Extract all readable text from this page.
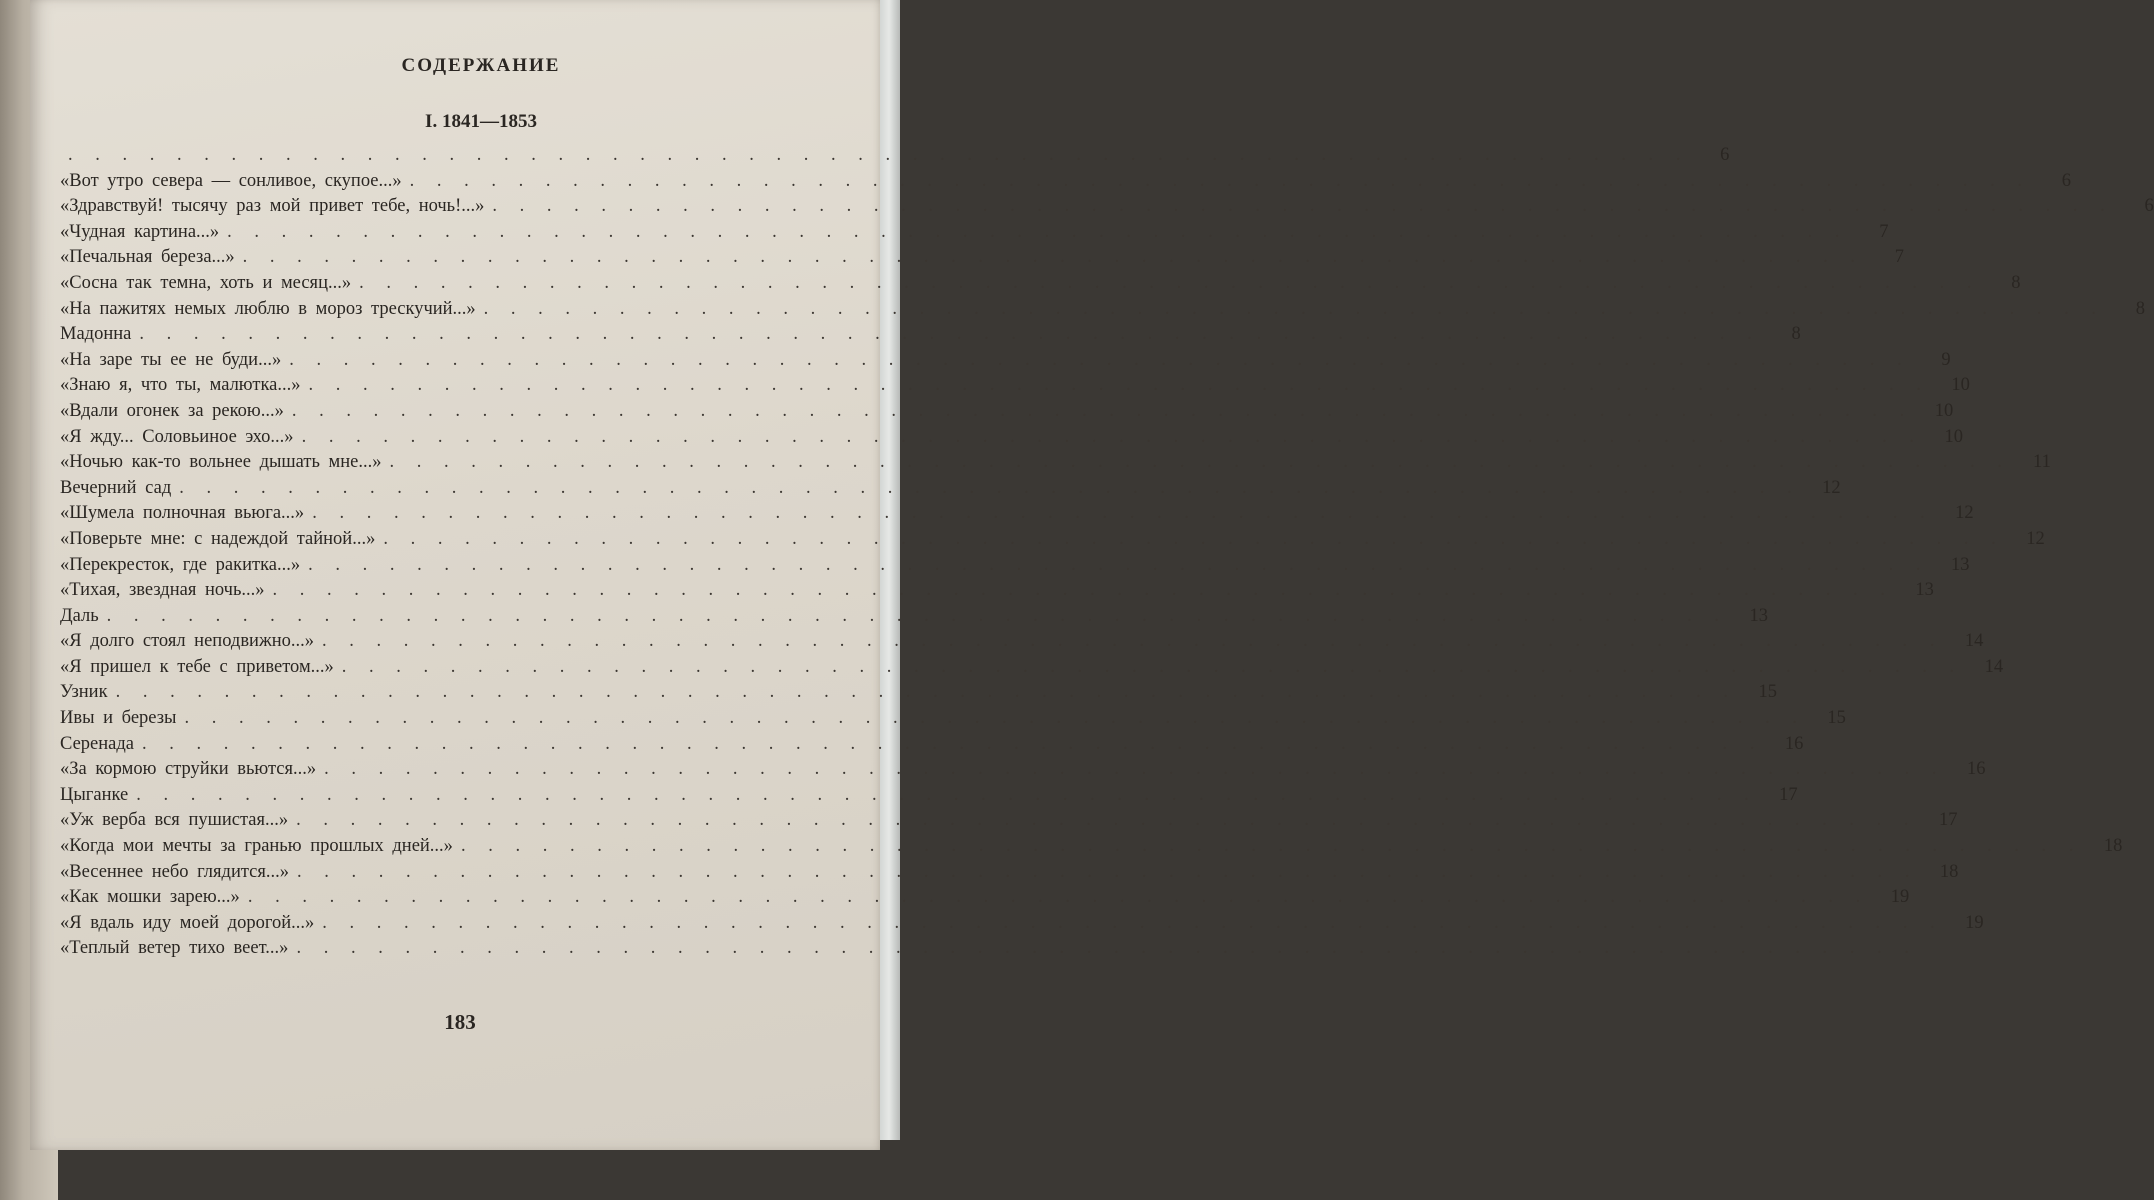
СОДЕРЖАНИЕ
I. 1841—1853
. . . . . . . . . . . . . . . . . . . . . . . . . . . . . . . . . . . . . . . . . . . . . . . . . . . . . . . . . . . .	6
«Вот утро севера — сонливое, скупое...» . . . . . . . . . . . . . . . . . . . . . . . . . . . . . . . . . . . . . . . . . . . . . . . . . . . . . . . . . . . .	6
«Здравствуй! тысячу раз мой привет тебе, ночь!...» . . . . . . . . . . . . . . . . . . . . . . . . . . . . . . . . . . . . . . . . . . . . . . . . . . . . . . . . . . . .	6
«Чудная картина...» . . . . . . . . . . . . . . . . . . . . . . . . . . . . . . . . . . . . . . . . . . . . . . . . . . . . . . . . . . . .	7
«Печальная береза...» . . . . . . . . . . . . . . . . . . . . . . . . . . . . . . . . . . . . . . . . . . . . . . . . . . . . . . . . . . . .	7
«Сосна так темна, хоть и месяц...» . . . . . . . . . . . . . . . . . . . . . . . . . . . . . . . . . . . . . . . . . . . . . . . . . . . . . . . . . . . .	8
«На пажитях немых люблю в мороз трескучий...» . . . . . . . . . . . . . . . . . . . . . . . . . . . . . . . . . . . . . . . . . . . . . . . . . . . . . . . . . . . .	8
Мадонна . . . . . . . . . . . . . . . . . . . . . . . . . . . . . . . . . . . . . . . . . . . . . . . . . . . . . . . . . . . .	8
«На заре ты ее не буди...» . . . . . . . . . . . . . . . . . . . . . . . . . . . . . . . . . . . . . . . . . . . . . . . . . . . . . . . . . . . .	9
«Знаю я, что ты, малютка...» . . . . . . . . . . . . . . . . . . . . . . . . . . . . . . . . . . . . . . . . . . . . . . . . . . . . . . . . . . . .	10
«Вдали огонек за рекою...» . . . . . . . . . . . . . . . . . . . . . . . . . . . . . . . . . . . . . . . . . . . . . . . . . . . . . . . . . . . .	10
«Я жду... Соловьиное эхо...» . . . . . . . . . . . . . . . . . . . . . . . . . . . . . . . . . . . . . . . . . . . . . . . . . . . . . . . . . . . .	10
«Ночью как-то вольнее дышать мне...» . . . . . . . . . . . . . . . . . . . . . . . . . . . . . . . . . . . . . . . . . . . . . . . . . . . . . . . . . . . .	11
Вечерний сад . . . . . . . . . . . . . . . . . . . . . . . . . . . . . . . . . . . . . . . . . . . . . . . . . . . . . . . . . . . .	12
«Шумела полночная вьюга...» . . . . . . . . . . . . . . . . . . . . . . . . . . . . . . . . . . . . . . . . . . . . . . . . . . . . . . . . . . . .	12
«Поверьте мне: с надеждой тайной...» . . . . . . . . . . . . . . . . . . . . . . . . . . . . . . . . . . . . . . . . . . . . . . . . . . . . . . . . . . . .	12
«Перекресток, где ракитка...» . . . . . . . . . . . . . . . . . . . . . . . . . . . . . . . . . . . . . . . . . . . . . . . . . . . . . . . . . . . .	13
«Тихая, звездная ночь...» . . . . . . . . . . . . . . . . . . . . . . . . . . . . . . . . . . . . . . . . . . . . . . . . . . . . . . . . . . . .	13
Даль . . . . . . . . . . . . . . . . . . . . . . . . . . . . . . . . . . . . . . . . . . . . . . . . . . . . . . . . . . . .	13
«Я долго стоял неподвижно...» . . . . . . . . . . . . . . . . . . . . . . . . . . . . . . . . . . . . . . . . . . . . . . . . . . . . . . . . . . . .	14
«Я пришел к тебе с приветом...» . . . . . . . . . . . . . . . . . . . . . . . . . . . . . . . . . . . . . . . . . . . . . . . . . . . . . . . . . . . .	14
Узник . . . . . . . . . . . . . . . . . . . . . . . . . . . . . . . . . . . . . . . . . . . . . . . . . . . . . . . . . . . .	15
Ивы и березы . . . . . . . . . . . . . . . . . . . . . . . . . . . . . . . . . . . . . . . . . . . . . . . . . . . . . . . . . . . .	15
Серенада . . . . . . . . . . . . . . . . . . . . . . . . . . . . . . . . . . . . . . . . . . . . . . . . . . . . . . . . . . . .	16
«За кормою струйки вьются...» . . . . . . . . . . . . . . . . . . . . . . . . . . . . . . . . . . . . . . . . . . . . . . . . . . . . . . . . . . . .	16
Цыганке . . . . . . . . . . . . . . . . . . . . . . . . . . . . . . . . . . . . . . . . . . . . . . . . . . . . . . . . . . . .	17
«Уж верба вся пушистая...» . . . . . . . . . . . . . . . . . . . . . . . . . . . . . . . . . . . . . . . . . . . . . . . . . . . . . . . . . . . .	17
«Когда мои мечты за гранью прошлых дней...» . . . . . . . . . . . . . . . . . . . . . . . . . . . . . . . . . . . . . . . . . . . . . . . . . . . . . . . . . . . .	18
«Весеннее небо глядится...» . . . . . . . . . . . . . . . . . . . . . . . . . . . . . . . . . . . . . . . . . . . . . . . . . . . . . . . . . . . .	18
«Как мошки зарею...» . . . . . . . . . . . . . . . . . . . . . . . . . . . . . . . . . . . . . . . . . . . . . . . . . . . . . . . . . . . .	19
«Я вдаль иду моей дорогой...» . . . . . . . . . . . . . . . . . . . . . . . . . . . . . . . . . . . . . . . . . . . . . . . . . . . . . . . . . . . .	19
«Теплый ветер тихо веет...» . . . . . . . . . . . . . . . . . . . . . . . . . . . . . . . . . . . . . . . . . . . . . . . . . . . . . . . . . . . .
183
